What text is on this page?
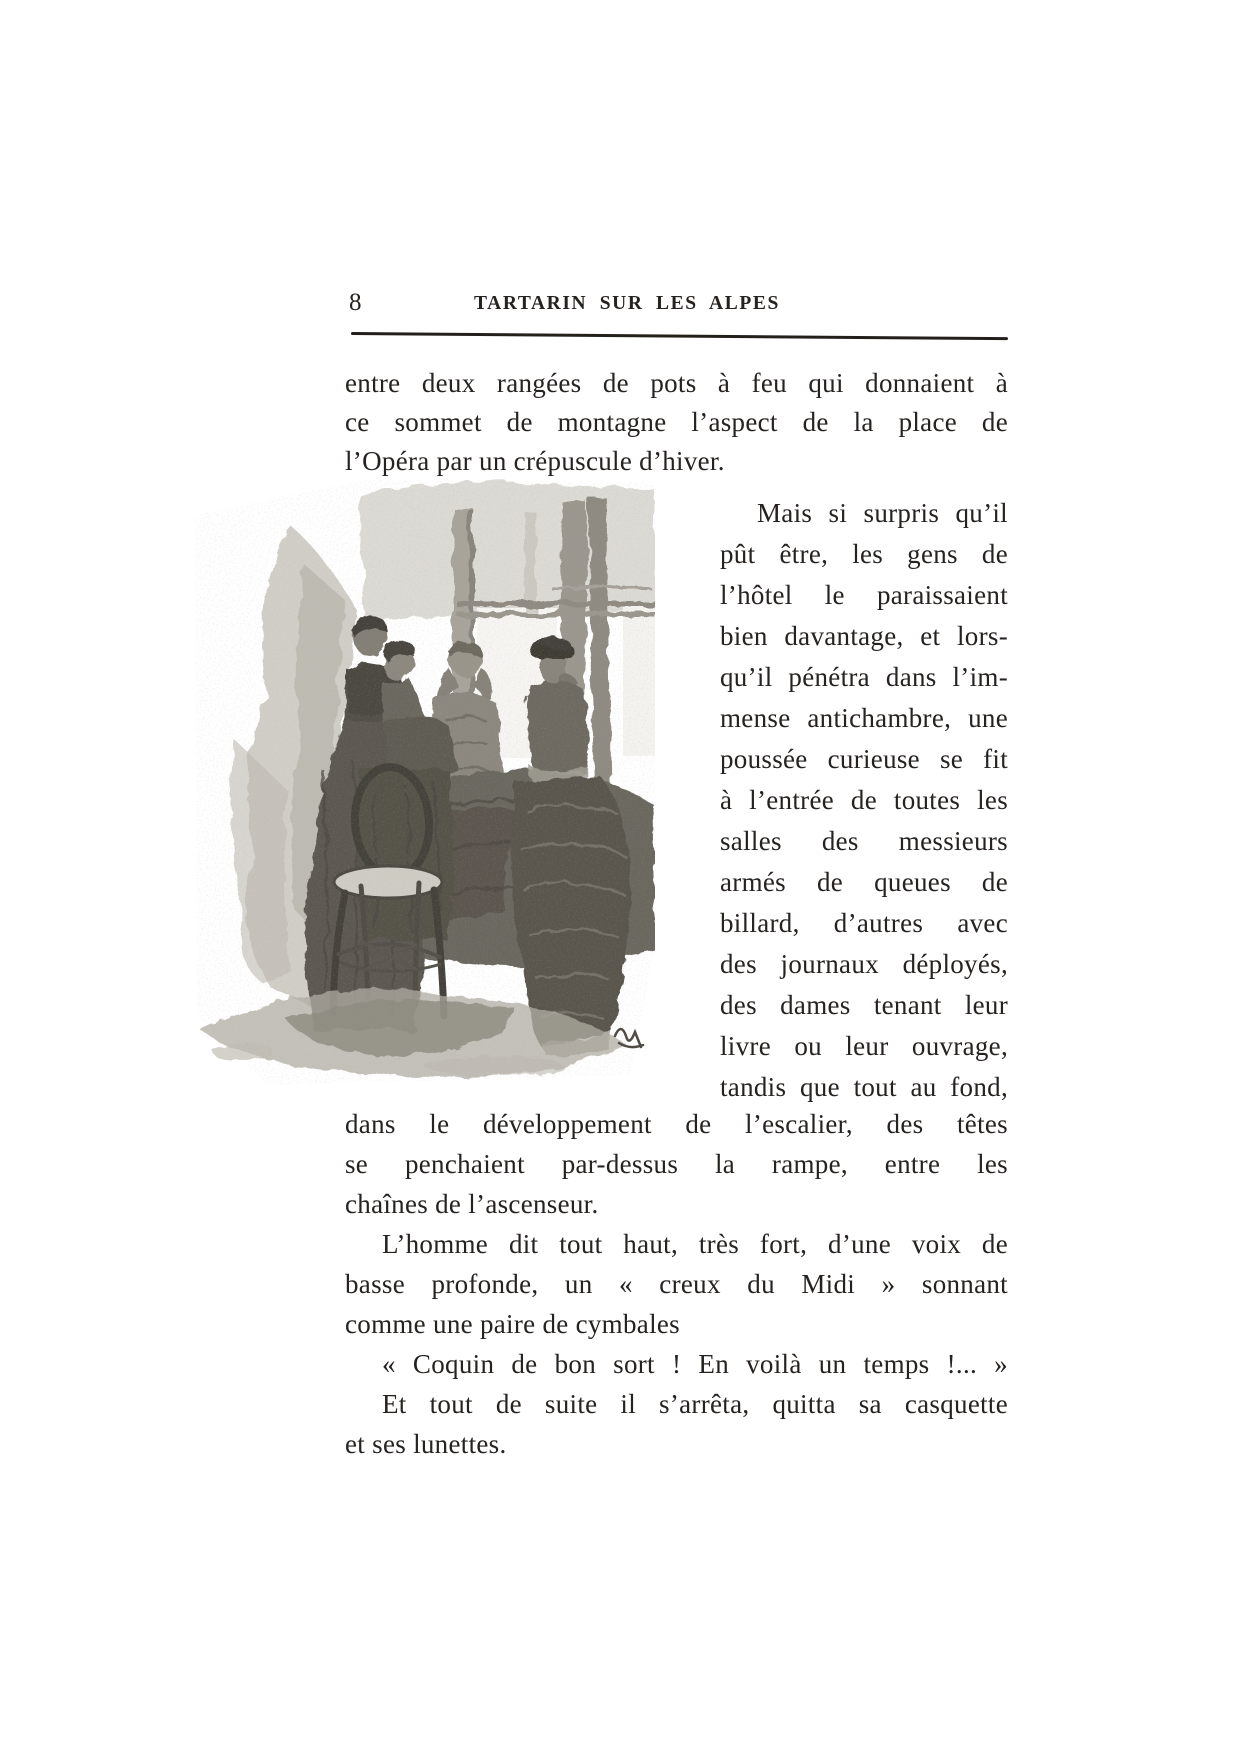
8	TARTARIN SUR LES ALPES
entre deux rangées de pots à feu qui donnaient à
ce sommet de montagne l’aspect de la place de
l’Opéra par un crépuscule d’hiver.
Mais si surpris qu’il
pût être, les gens de
l’hôtel le paraissaient
bien davantage, et lors-
qu’il pénétra dans l’im-
mense antichambre, une
poussée curieuse se fit
à l’entrée de toutes les
salles des messieurs
armés de queues de
billard, d’autres avec
des journaux déployés,
des dames tenant leur
livre ou leur ouvrage,
tandis que tout au fond,
dans le développement de l’escalier, des têtes
se penchaient par-dessus la rampe, entre les
chaînes de l’ascenseur.
L’homme dit tout haut, très fort, d’une voix de
basse profonde, un « creux du Midi » sonnant
comme une paire de cymbales
« Coquin de bon sort ! En voilà un temps !... »
Et tout de suite il s’arrêta, quitta sa casquette
et ses lunettes.
